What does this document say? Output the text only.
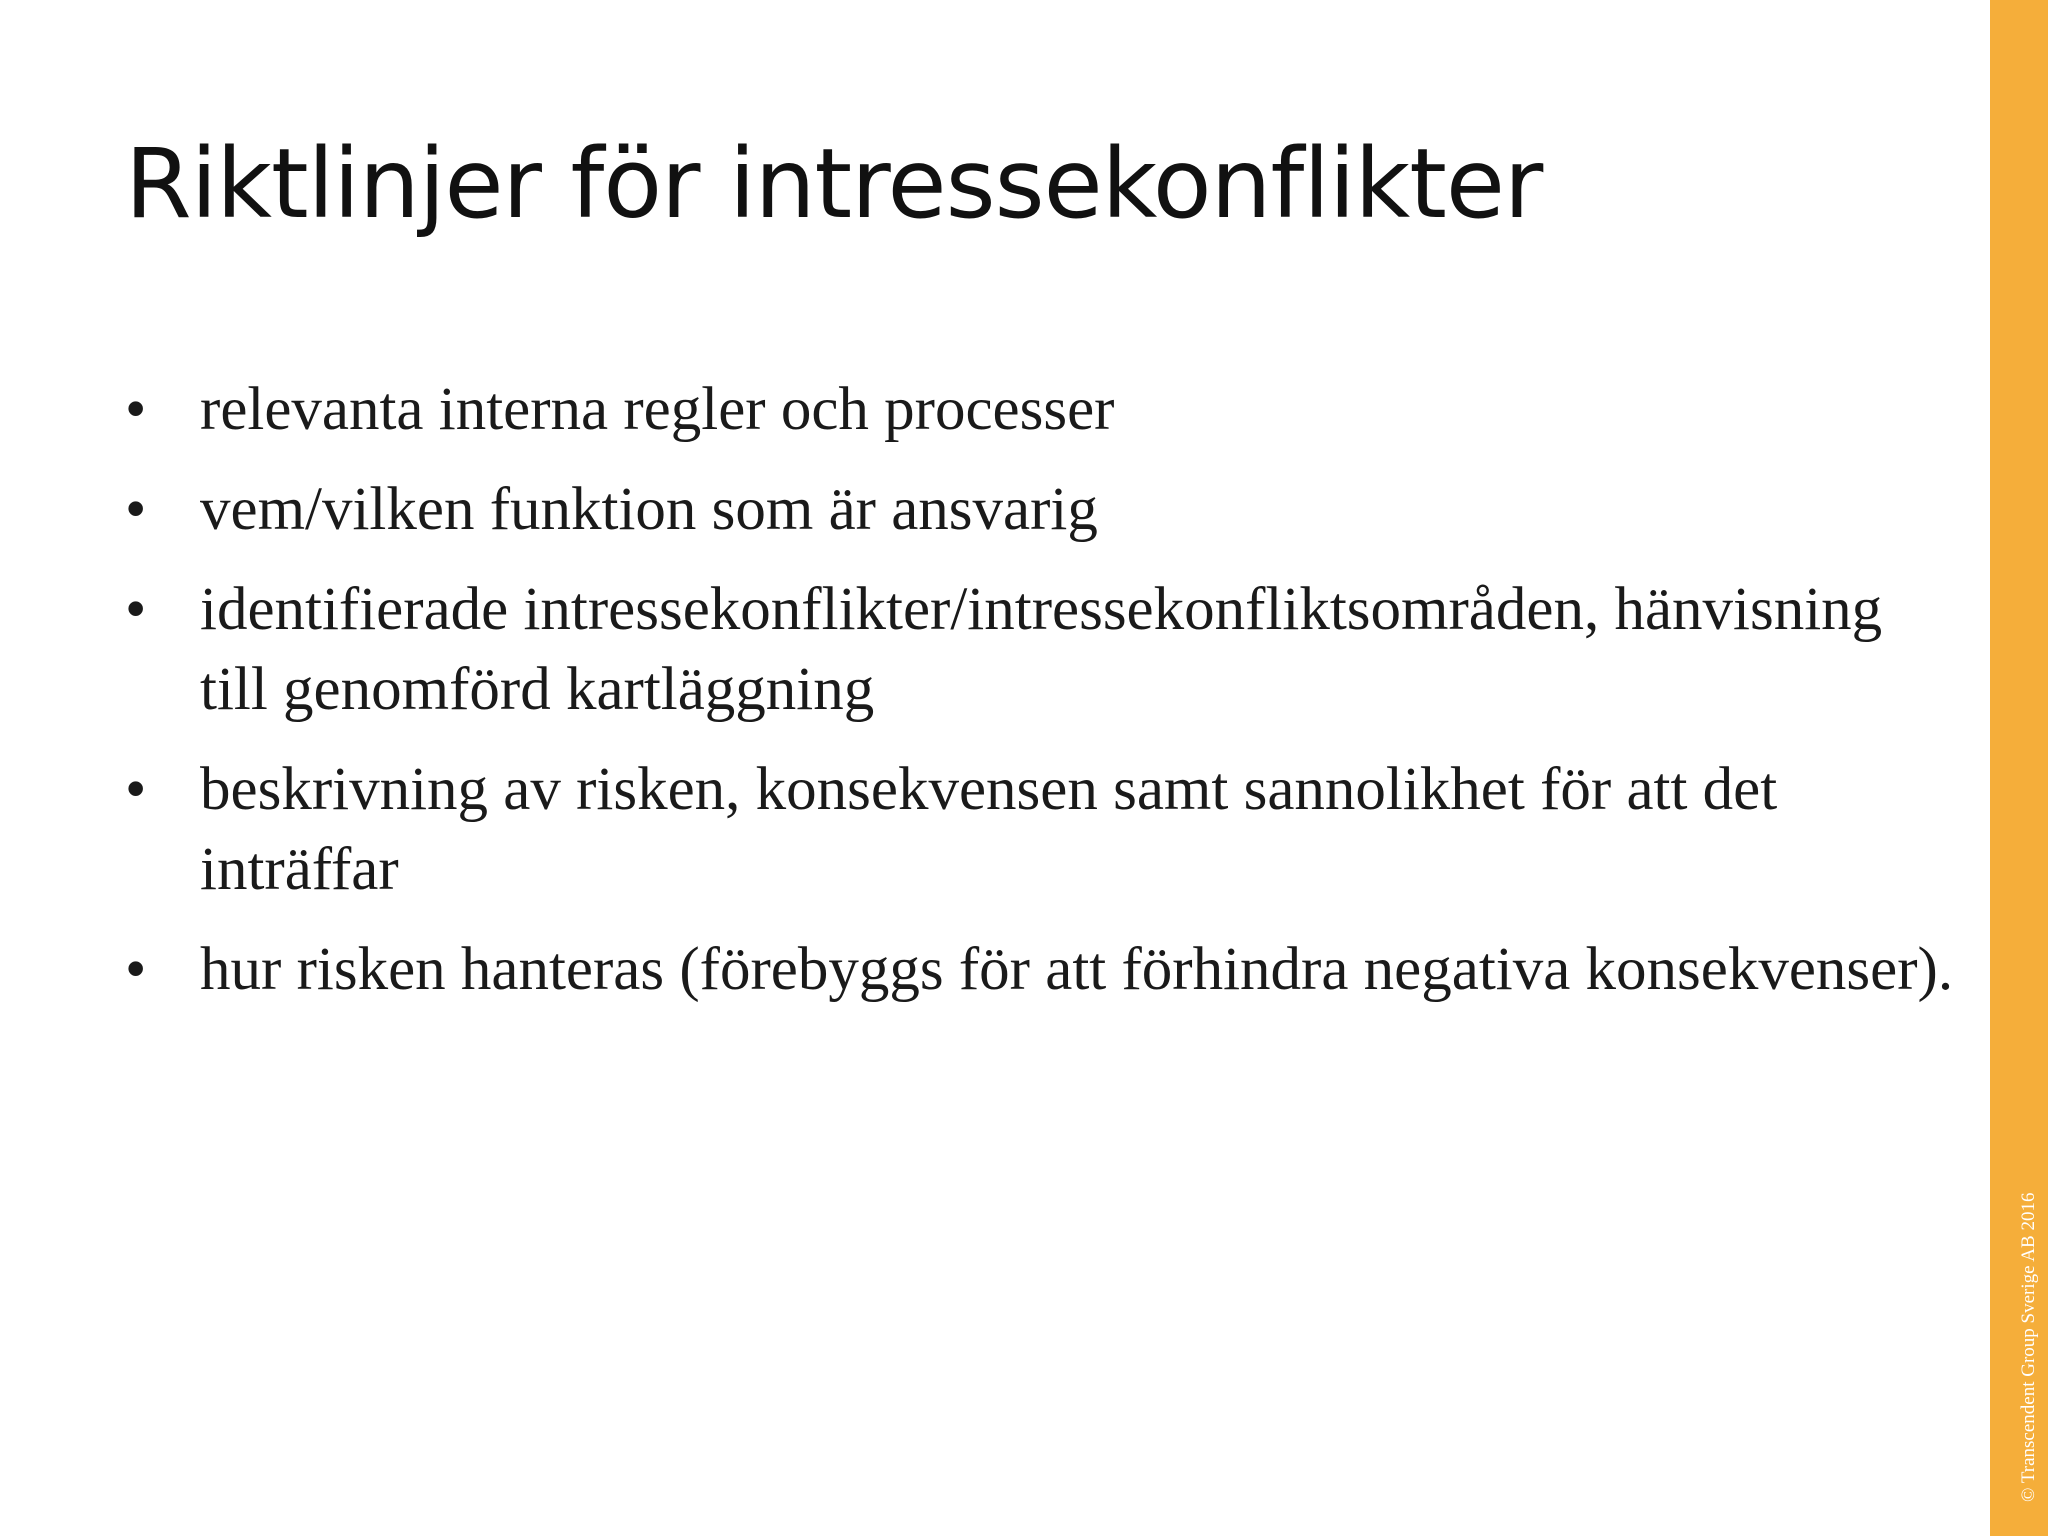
Riktlinjer för intressekonflikter
• relevanta interna regler och processer
• vem/vilken funktion som är ansvarig
• identifierade intressekonflikter/intressekonfliktsområden, hänvisning till genomförd kartläggning
• beskrivning av risken, konsekvensen samt sannolikhet för att det inträffar
• hur risken hanteras (förebyggs för att förhindra negativa konsekvenser).
© Transcendent Group Sverige AB 2016
